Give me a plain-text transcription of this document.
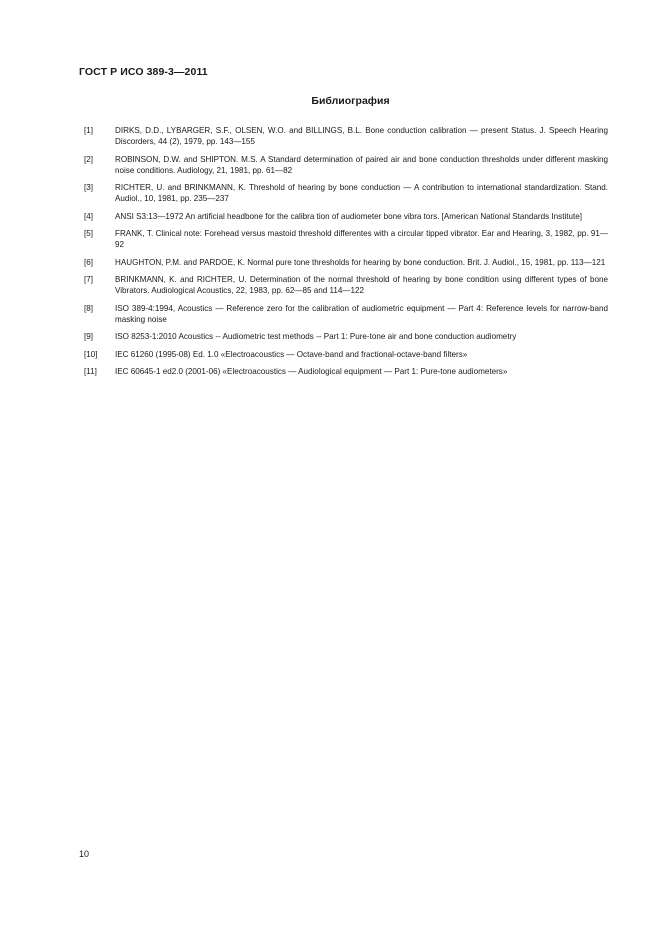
ГОСТ Р ИСО 389-3—2011
Библиография
[1]	DIRKS, D.D., LYBARGER, S.F., OLSEN, W.O. and BILLINGS, B.L. Bone conduction calibration — present Status. J. Speech Hearing Discorders, 44 (2), 1979, pp. 143—155
[2]	ROBINSON, D.W. and SHIPTON. M.S. A Standard determination of paired air and bone conduction thresholds under different masking noise conditions. Audiology, 21, 1981, pp. 61—82
[3]	RICHTER, U. and BRINKMANN, K. Threshold of hearing by bone conduction — A contribution to international standardization. Stand. Audiol., 10, 1981, pp. 235—237
[4]	ANSI S3:13—1972 An artificial headbone for the calibra tion of audiometer bone vibra tors. [American National Standards Institute]
[5]	FRANK, T. Clinical note: Forehead versus mastoid threshold differentes with a circular tipped vibrator. Ear and Hearing, 3, 1982, pp. 91—92
[6]	HAUGHTON, P.M. and PARDOE, K. Normal pure tone thresholds for hearing by bone conduction. Brit. J. Audiol., 15, 1981, pp. 113—121
[7]	BRINKMANN, K. and RICHTER, U. Determination of the normal threshold of hearing by bone condition using different types of bone Vibrators. Audiological Acoustics, 22, 1983, pp. 62—85 and 114—122
[8]	ISO 389-4:1994, Acoustics — Reference zero for the calibration of audiometric equipment — Part 4: Reference levels for narrow-band masking noise
[9]	ISO 8253-1:2010 Acoustics -- Audiometric test methods -- Part 1: Pure-tone air and bone conduction audiometry
[10]	IEC 61260 (1995-08) Ed. 1.0 «Electroacoustics — Octave-band and fractional-octave-band filters»
[11]	IEC 60645-1 ed2.0 (2001-06) «Electroacoustics — Audiological equipment — Part 1: Pure-tone audiometers»
10
